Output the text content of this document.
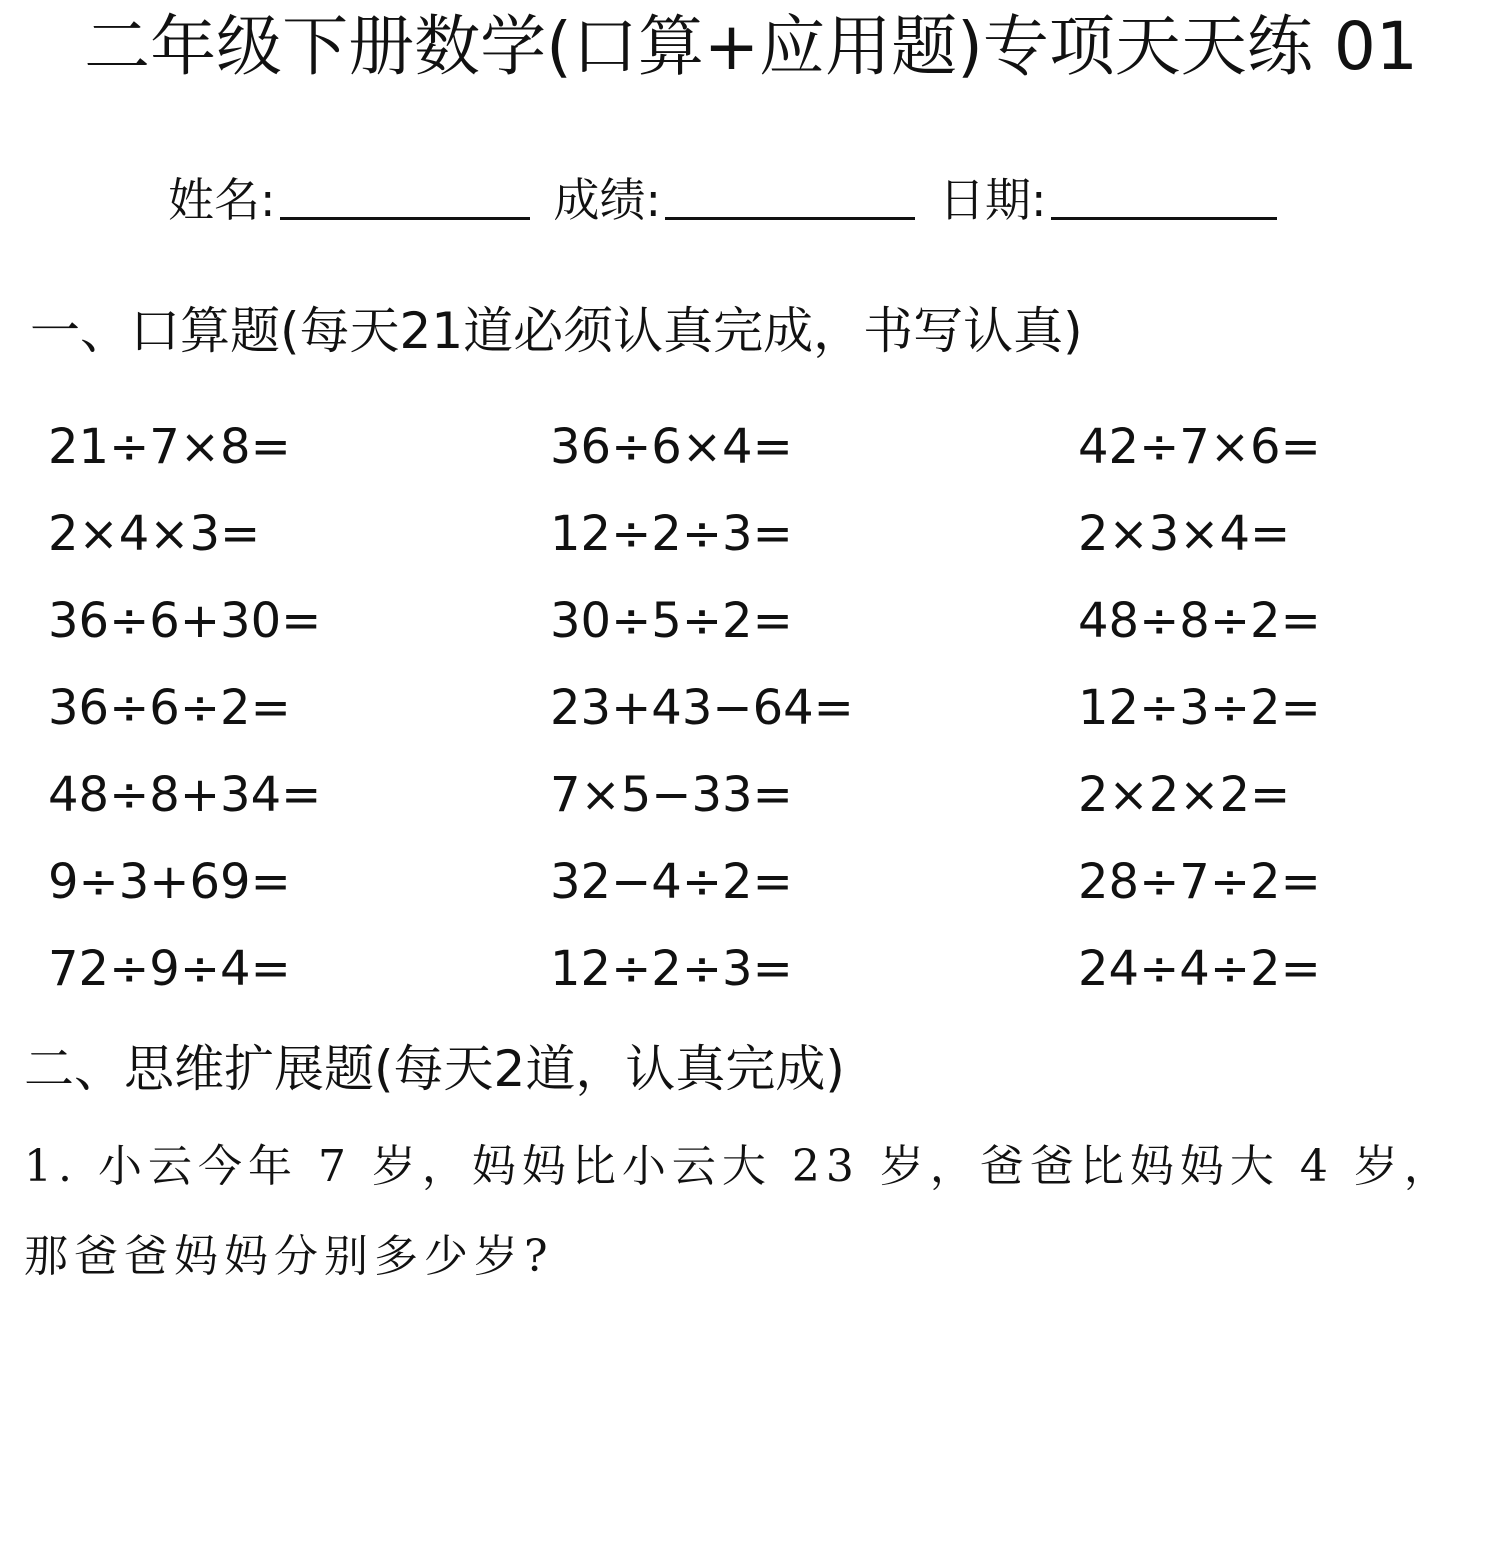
二年级下册数学(口算+应用题)专项天天练 01
姓名:	成绩:	日期:
一、口算题(每天21道必须认真完成，书写认真)
21÷7×8=	36÷6×4=	42÷7×6=
2×4×3=	12÷2÷3=	2×3×4=
36÷6+30=	30÷5÷2=	48÷8÷2=
36÷6÷2=	23+43−64=	12÷3÷2=
48÷8+34=	7×5−33=	2×2×2=
9÷3+69=	32−4÷2=	28÷7÷2=
72÷9÷4=	12÷2÷3=	24÷4÷2=
二、思维扩展题(每天2道，认真完成)
1. 小云今年 7 岁，妈妈比小云大 23 岁，爸爸比妈妈大 4 岁，那爸爸妈妈分别多少岁?
